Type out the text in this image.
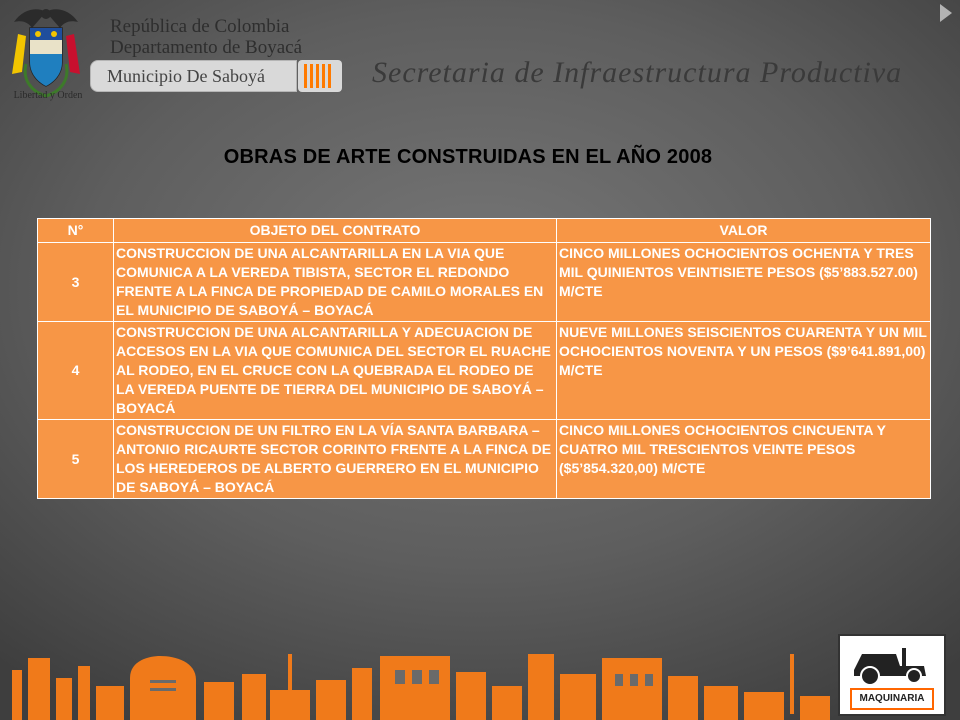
Libertad y Orden
República de Colombia
Departamento de Boyacá
Municipio De Saboyá	Secretaria de Infraestructura Productiva
OBRAS DE ARTE CONSTRUIDAS EN EL AÑO 2008
N°	OBJETO DEL CONTRATO	VALOR
3	CONSTRUCCION DE UNA ALCANTARILLA EN LA VIA QUE COMUNICA A LA VEREDA TIBISTA, SECTOR EL REDONDO FRENTE A LA FINCA DE PROPIEDAD DE CAMILO MORALES EN EL MUNICIPIO DE SABOYÁ – BOYACÁ	CINCO MILLONES OCHOCIENTOS OCHENTA Y TRES MIL QUINIENTOS VEINTISIETE PESOS ($5’883.527.00) M/CTE
4	CONSTRUCCION DE UNA ALCANTARILLA Y ADECUACION DE ACCESOS EN LA VIA QUE COMUNICA DEL SECTOR EL RUACHE AL RODEO, EN EL CRUCE CON LA QUEBRADA EL RODEO DE LA VEREDA PUENTE DE TIERRA DEL MUNICIPIO DE SABOYÁ – BOYACÁ	NUEVE MILLONES SEISCIENTOS CUARENTA Y UN MIL OCHOCIENTOS NOVENTA Y UN PESOS ($9’641.891,00) M/CTE
5	CONSTRUCCION DE UN FILTRO EN LA VÍA SANTA BARBARA – ANTONIO RICAURTE SECTOR CORINTO FRENTE A LA FINCA DE LOS HEREDEROS DE ALBERTO GUERRERO EN EL MUNICIPIO DE SABOYÁ – BOYACÁ	CINCO MILLONES OCHOCIENTOS CINCUENTA Y CUATRO MIL TRESCIENTOS VEINTE PESOS ($5’854.320,00) M/CTE
MAQUINARIA
